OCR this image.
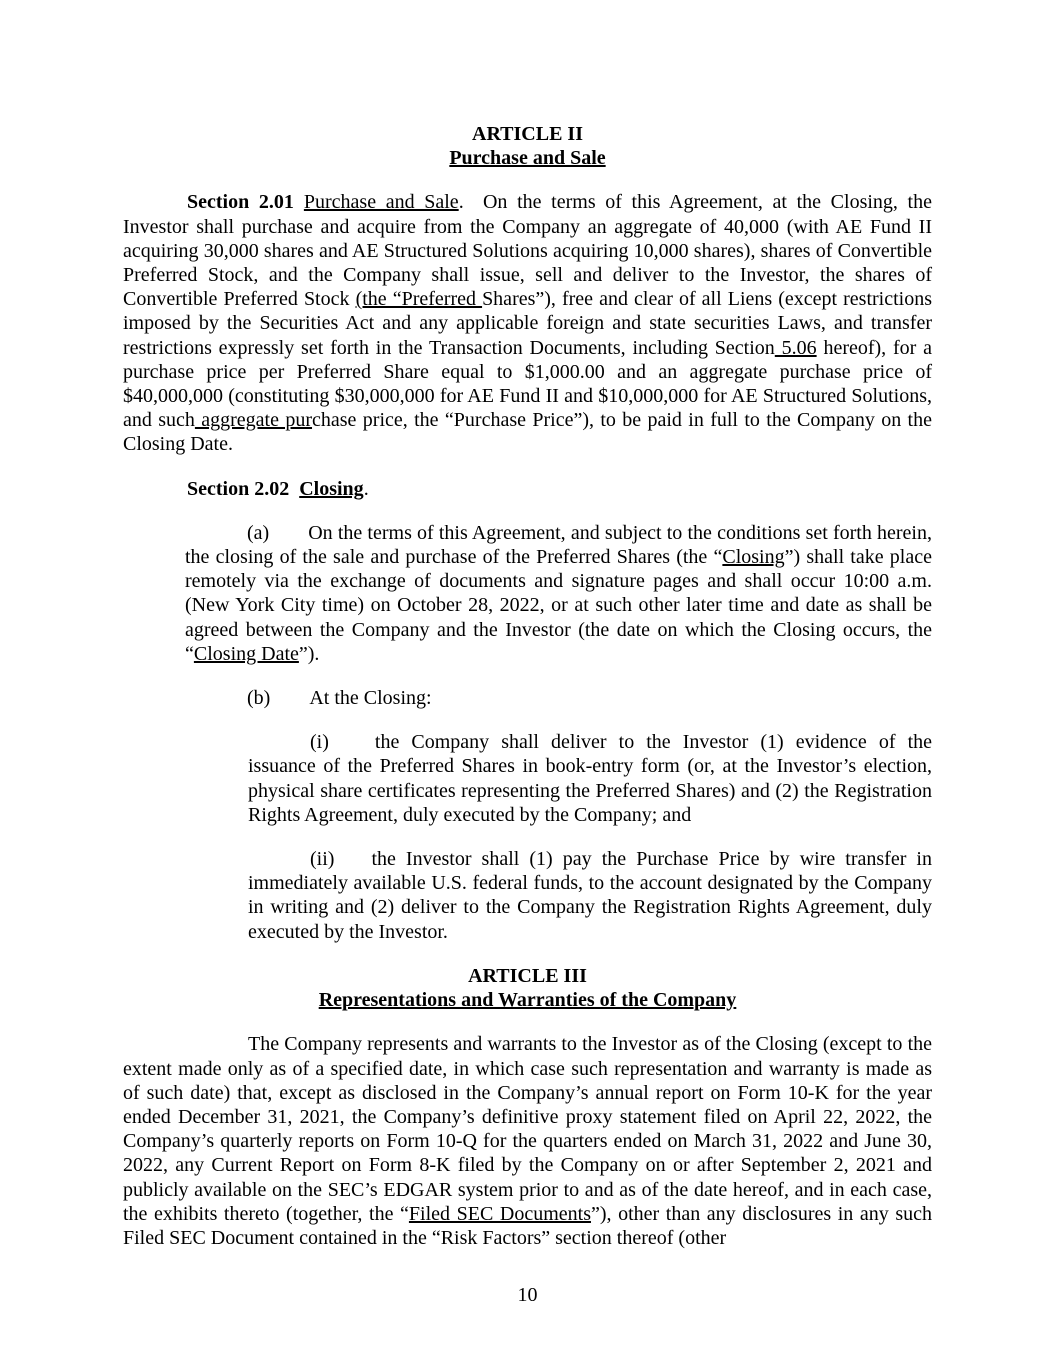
ARTICLE II
Purchase and Sale
Section 2.01 Purchase and Sale.  On the terms of this Agreement, at the Closing, the Investor shall purchase and acquire from the Company an aggregate of 40,000 (with AE Fund II acquiring 30,000 shares and AE Structured Solutions acquiring 10,000 shares), shares of Convertible Preferred Stock, and the Company shall issue, sell and deliver to the Investor, the shares of Convertible Preferred Stock (the “Preferred Shares”), free and clear of all Liens (except restrictions imposed by the Securities Act and any applicable foreign and state securities Laws, and transfer restrictions expressly set forth in the Transaction Documents, including Section 5.06 hereof), for a purchase price per Preferred Share equal to $1,000.00 and an aggregate purchase price of $40,000,000 (constituting $30,000,000 for AE Fund II and $10,000,000 for AE Structured Solutions, and such aggregate purchase price, the “Purchase Price”), to be paid in full to the Company on the Closing Date.
Section 2.02 Closing.
(a) On the terms of this Agreement, and subject to the conditions set forth herein, the closing of the sale and purchase of the Preferred Shares (the “Closing”) shall take place remotely via the exchange of documents and signature pages and shall occur 10:00 a.m. (New York City time) on October 28, 2022, or at such other later time and date as shall be agreed between the Company and the Investor (the date on which the Closing occurs, the “Closing Date”).
(b) At the Closing:
(i) the Company shall deliver to the Investor (1) evidence of the issuance of the Preferred Shares in book-entry form (or, at the Investor’s election, physical share certificates representing the Preferred Shares) and (2) the Registration Rights Agreement, duly executed by the Company; and
(ii) the Investor shall (1) pay the Purchase Price by wire transfer in immediately available U.S. federal funds, to the account designated by the Company in writing and (2) deliver to the Company the Registration Rights Agreement, duly executed by the Investor.
ARTICLE III
Representations and Warranties of the Company
The Company represents and warrants to the Investor as of the Closing (except to the extent made only as of a specified date, in which case such representation and warranty is made as of such date) that, except as disclosed in the Company’s annual report on Form 10-K for the year ended December 31, 2021, the Company’s definitive proxy statement filed on April 22, 2022, the Company’s quarterly reports on Form 10-Q for the quarters ended on March 31, 2022 and June 30, 2022, any Current Report on Form 8-K filed by the Company on or after September 2, 2021 and publicly available on the SEC’s EDGAR system prior to and as of the date hereof, and in each case, the exhibits thereto (together, the “Filed SEC Documents”), other than any disclosures in any such Filed SEC Document contained in the “Risk Factors” section thereof (other
10
